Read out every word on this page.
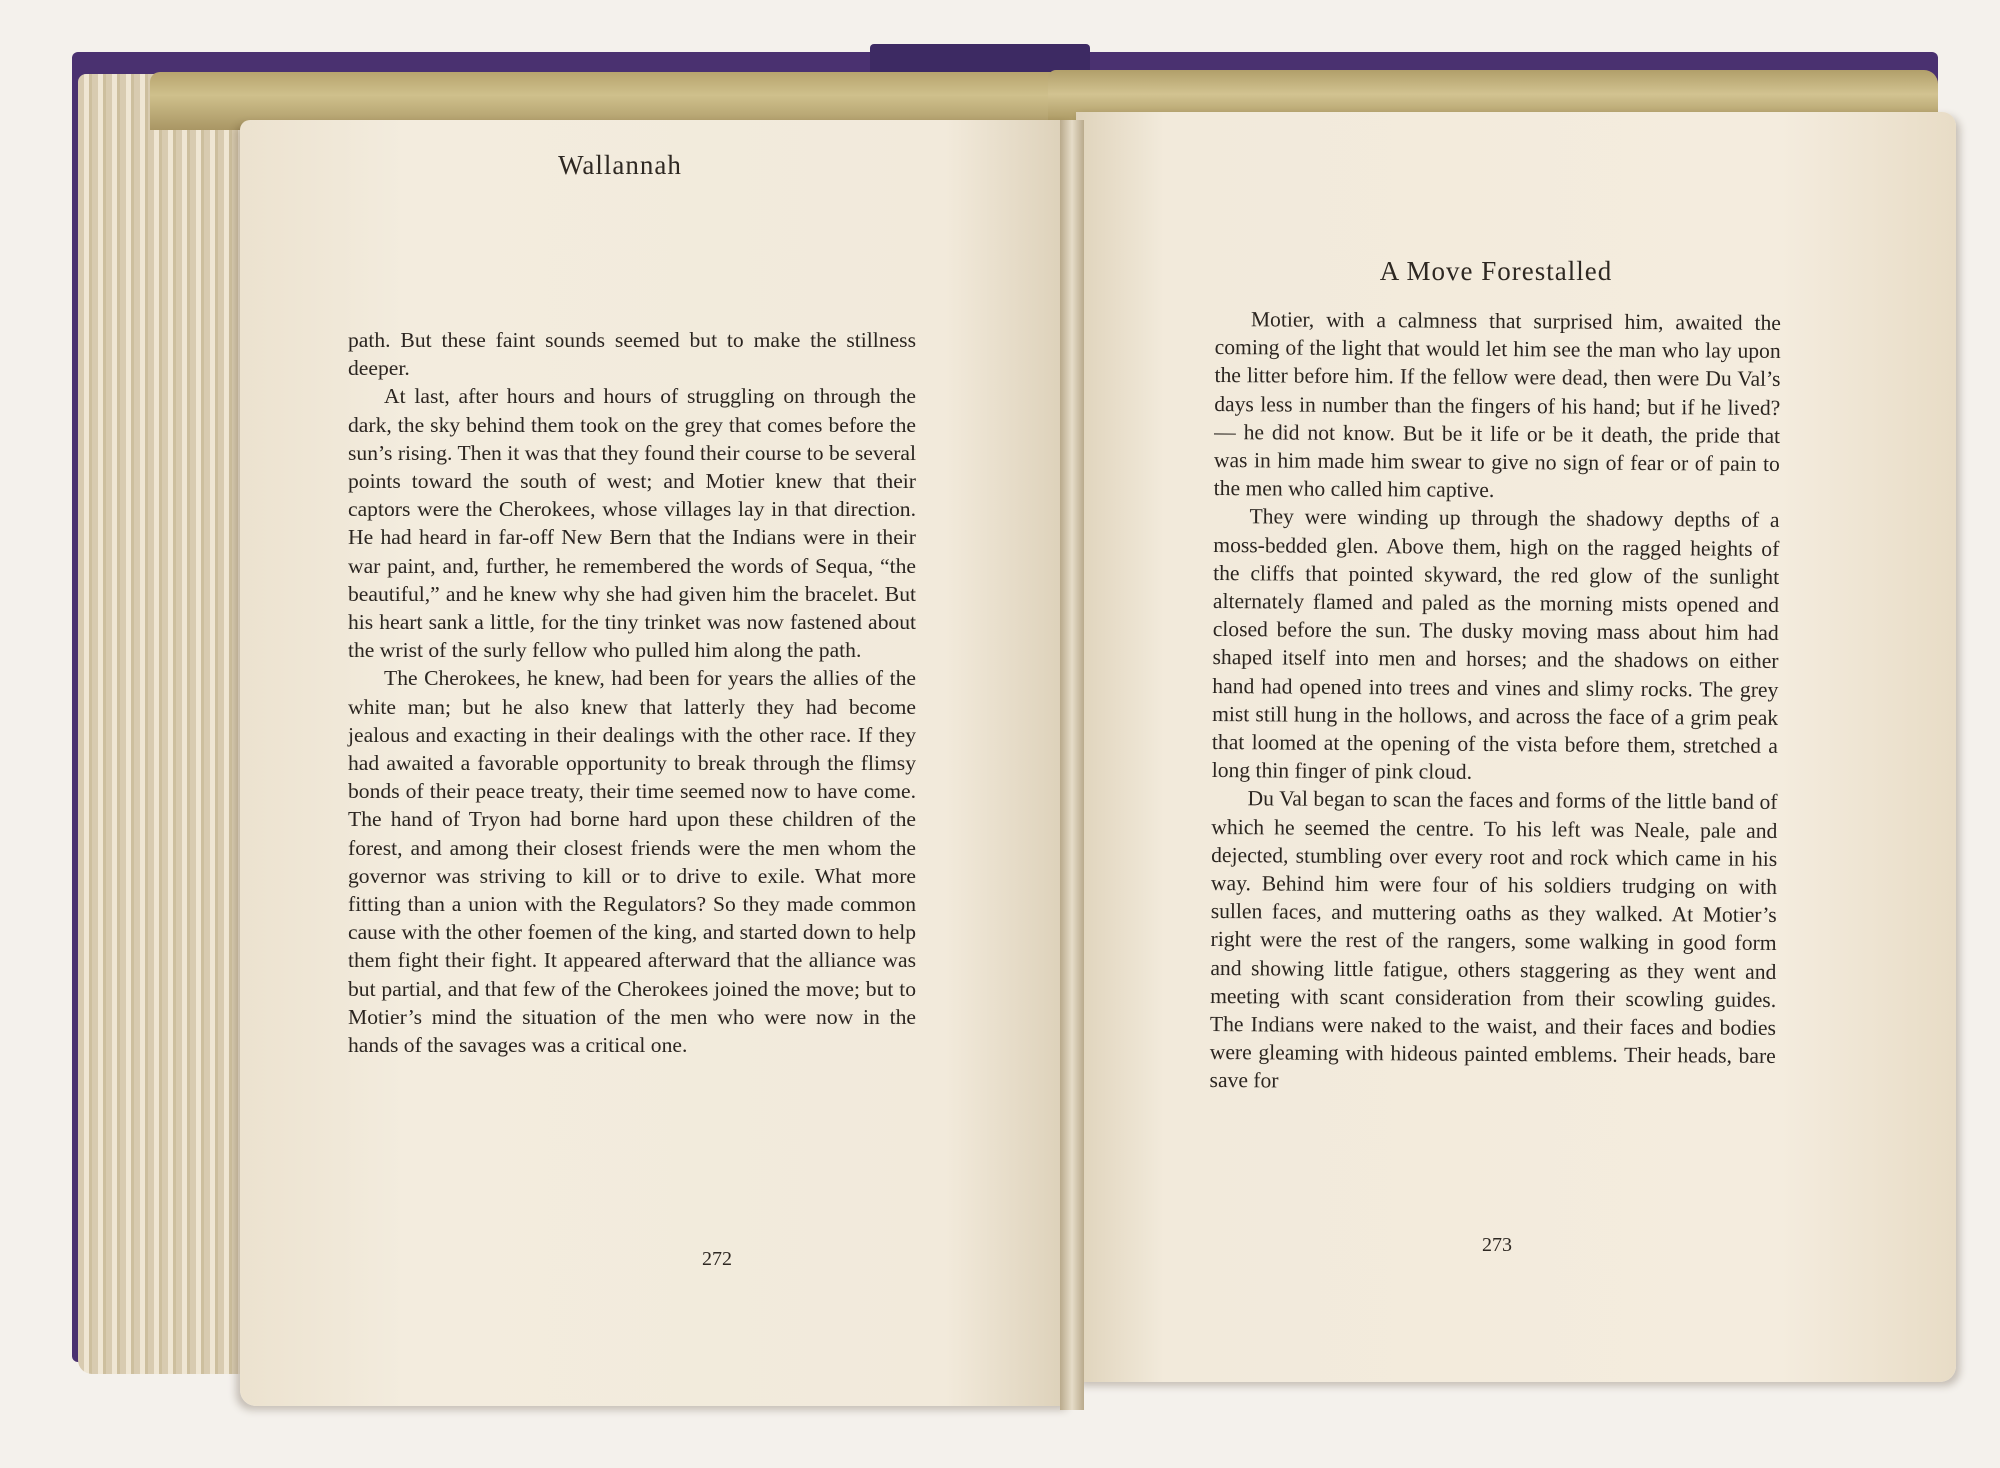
Wallannah

path. But these faint sounds seemed but to make the stillness deeper.

At last, after hours and hours of struggling on through the dark, the sky behind them took on the grey that comes before the sun’s rising. Then it was that they found their course to be several points toward the south of west; and Motier knew that their captors were the Cherokees, whose villages lay in that direction. He had heard in far-off New Bern that the Indians were in their war paint, and, further, he remembered the words of Sequa, “the beautiful,” and he knew why she had given him the bracelet. But his heart sank a little, for the tiny trinket was now fastened about the wrist of the surly fellow who pulled him along the path.

The Cherokees, he knew, had been for years the allies of the white man; but he also knew that latterly they had become jealous and exacting in their dealings with the other race. If they had awaited a favorable opportunity to break through the flimsy bonds of their peace treaty, their time seemed now to have come. The hand of Tryon had borne hard upon these children of the forest, and among their closest friends were the men whom the governor was striving to kill or to drive to exile. What more fitting than a union with the Regulators? So they made common cause with the other foemen of the king, and started down to help them fight their fight. It appeared afterward that the alliance was but partial, and that few of the Cherokees joined the move; but to Motier’s mind the situation of the men who were now in the hands of the savages was a critical one.

272
A Move Forestalled

Motier, with a calmness that surprised him, awaited the coming of the light that would let him see the man who lay upon the litter before him. If the fellow were dead, then were Du Val’s days less in number than the fingers of his hand; but if he lived? — he did not know. But be it life or be it death, the pride that was in him made him swear to give no sign of fear or of pain to the men who called him captive.

They were winding up through the shadowy depths of a moss-bedded glen. Above them, high on the ragged heights of the cliffs that pointed skyward, the red glow of the sunlight alternately flamed and paled as the morning mists opened and closed before the sun. The dusky moving mass about him had shaped itself into men and horses; and the shadows on either hand had opened into trees and vines and slimy rocks. The grey mist still hung in the hollows, and across the face of a grim peak that loomed at the opening of the vista before them, stretched a long thin finger of pink cloud.

Du Val began to scan the faces and forms of the little band of which he seemed the centre. To his left was Neale, pale and dejected, stumbling over every root and rock which came in his way. Behind him were four of his soldiers trudging on with sullen faces, and muttering oaths as they walked. At Motier’s right were the rest of the rangers, some walking in good form and showing little fatigue, others staggering as they went and meeting with scant consideration from their scowling guides. The Indians were naked to the waist, and their faces and bodies were gleaming with hideous painted emblems. Their heads, bare save for

273
